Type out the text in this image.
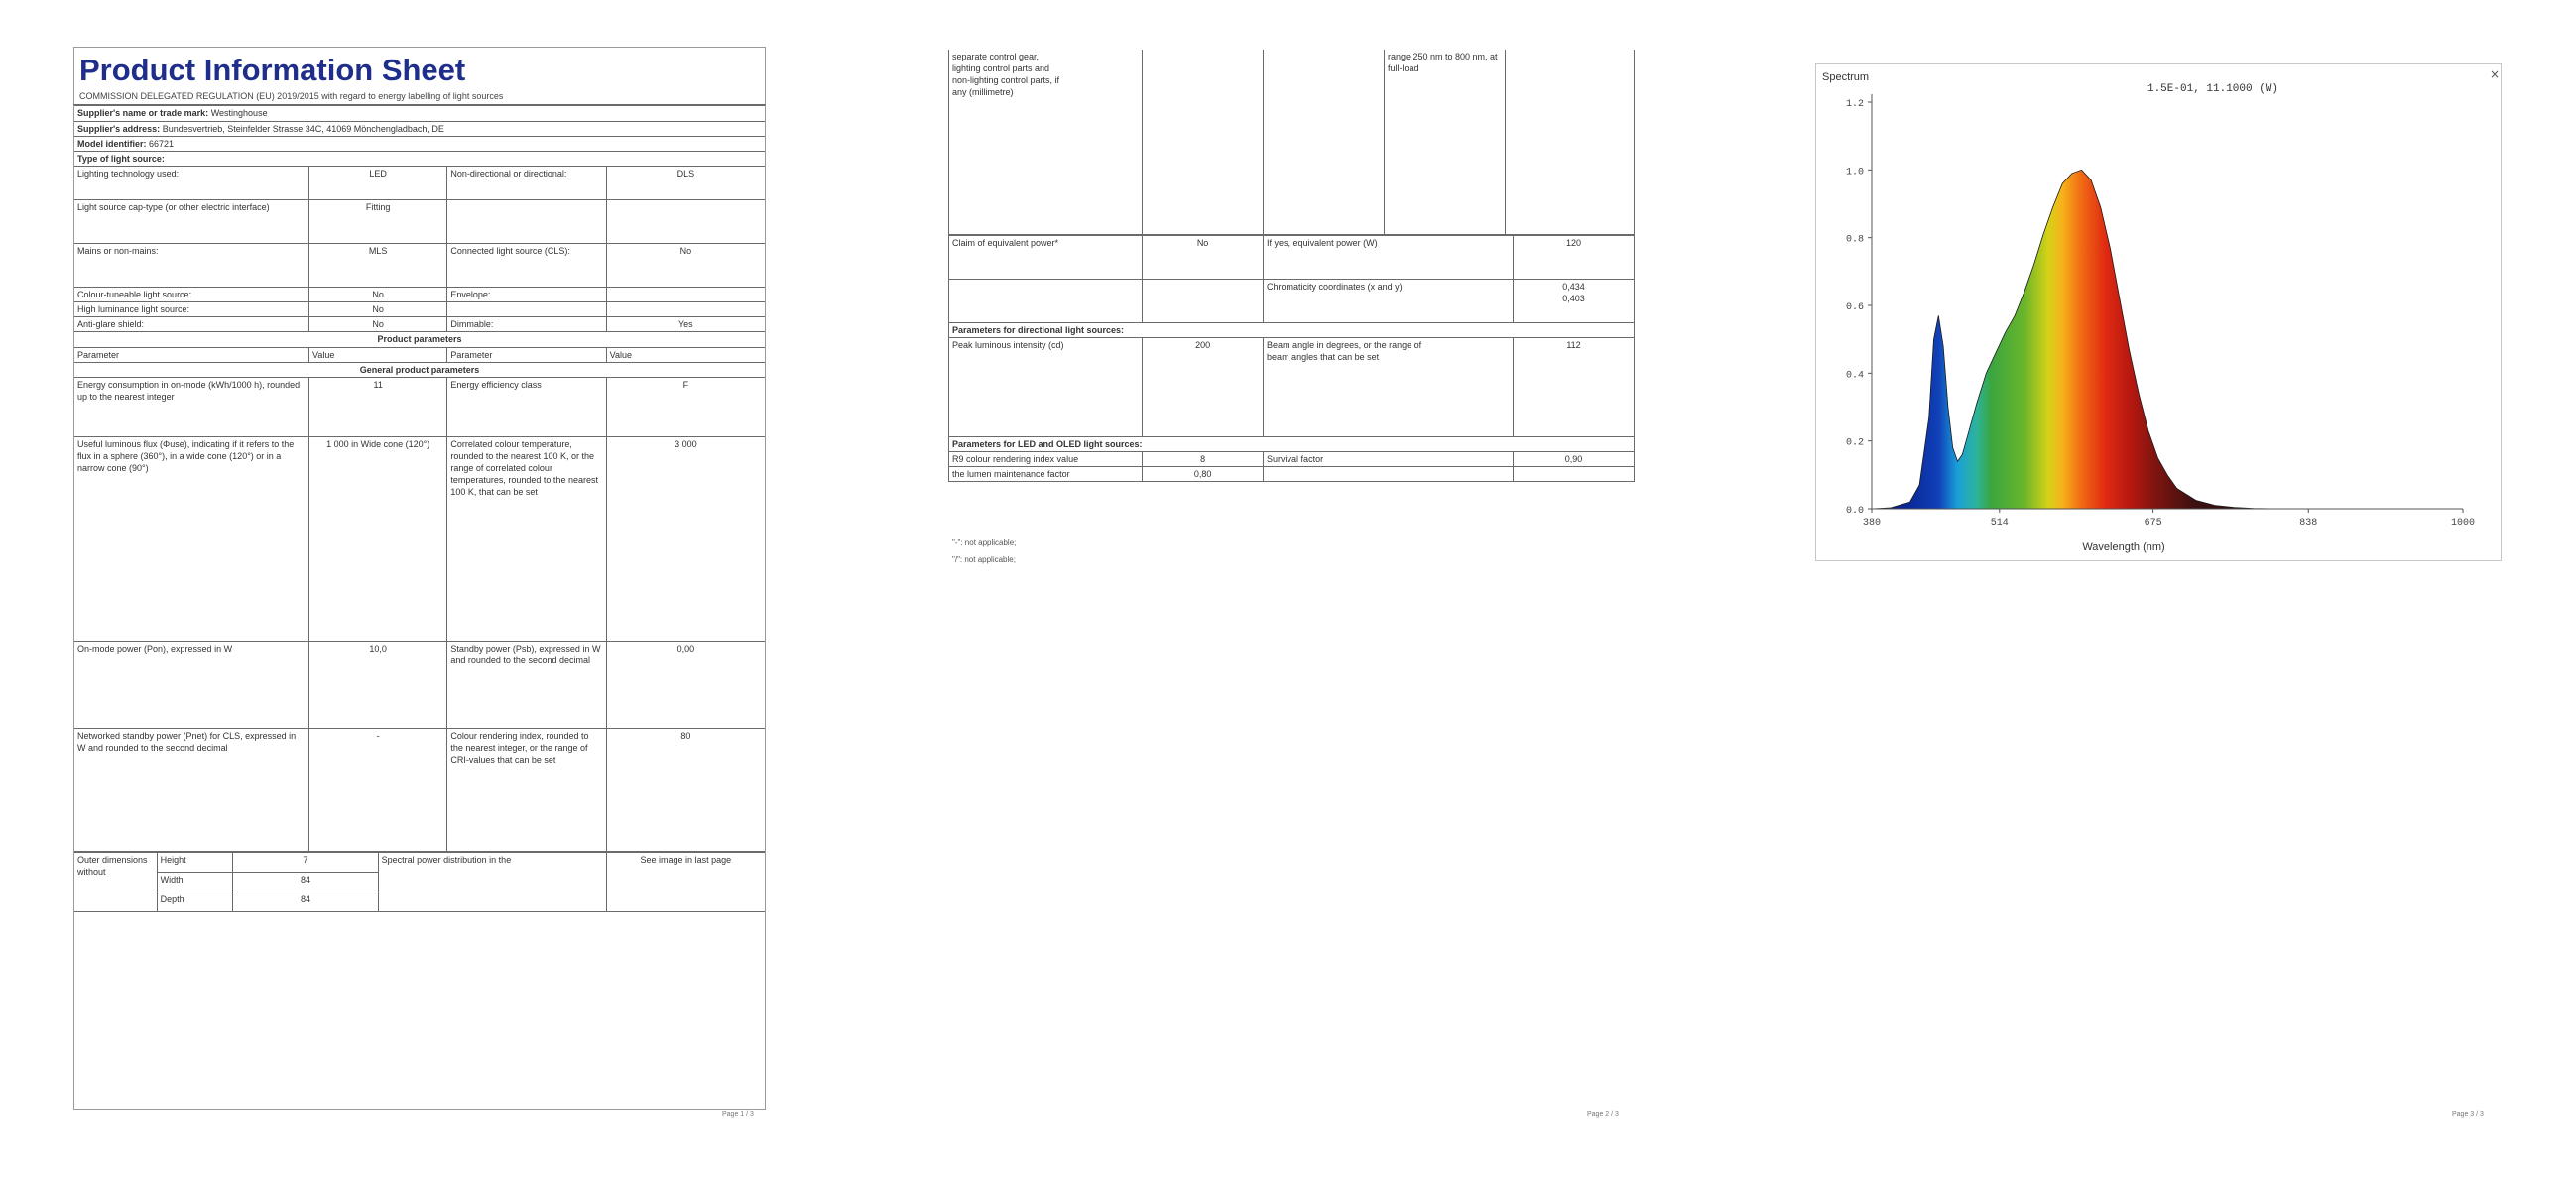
Product Information Sheet
COMMISSION DELEGATED REGULATION (EU) 2019/2015 with regard to energy labelling of light sources
Supplier's name or trade mark: Westinghouse			
Supplier's address: Bundesvertrieb, Steinfelder Strasse 34C, 41069 Mönchengladbach, DE			
Model identifier: 66721			
Type of light source:			
Lighting technology used:	LED	Non-directional or directional:	DLS
Light source cap-type (or other electric interface)	Fitting		
Mains or non-mains:	MLS	Connected light source (CLS):	No
Colour-tuneable light source:	No	Envelope:	
High luminance light source:	No		
Anti-glare shield:	No	Dimmable:	Yes
Product parameters			
Parameter	Value	Parameter	Value
General product parameters			
Energy consumption in on-mode (kWh/1000 h), rounded up to the nearest integer	11	Energy efficiency class	F
Useful luminous flux (Φuse), indicating if it refers to the flux in a sphere (360°), in a wide cone (120°) or in a narrow cone (90°)	1 000 in Wide cone (120°)	Correlated colour temperature, rounded to the nearest 100 K, or the range of correlated colour temperatures, rounded to the nearest 100 K, that can be set	3 000
On-mode power (Pon), expressed in W	10,0	Standby power (Psb), expressed in W and rounded to the second decimal	0,00
Networked standby power (Pnet) for CLS, expressed in W and rounded to the second decimal	-	Colour rendering index, rounded to the nearest integer, or the range of CRI-values that can be set	80
Outer dimensions without	Height	7	Spectral power distribution in the	See image in last page
	Width	84		
	Depth	84		
Page 1 / 3
separate control gear, lighting control parts and non-lighting control parts, if any (millimetre)
			range 250 nm to 800 nm, at full-load	
Claim of equivalent power*	No	If yes, equivalent power (W)	120
		Chromaticity coordinates (x and y)	0,434
0,403
Parameters for directional light sources:			
Peak luminous intensity (cd)	200	Beam angle in degrees, or the range of beam angles that can be set	112
Parameters for LED and OLED light sources:			
R9 colour rendering index value	8	Survival factor	0,90
the lumen maintenance factor	0,80		
"-": not applicable;
"/": not applicable;
Page 2 / 3
0.0
0.2
0.4
0.6
0.8
1.0
1.2
380	514	675	838	1000
Spectrum
1.5E-01, 11.1000 (W)
Wavelength (nm)
×
Page 3 / 3
